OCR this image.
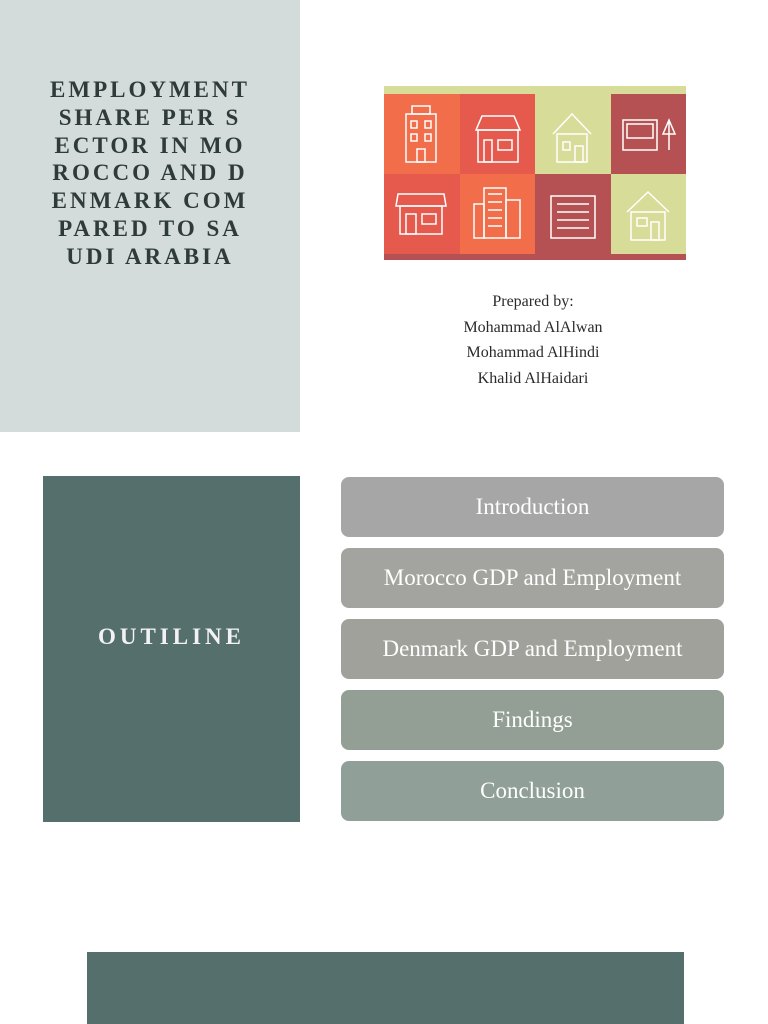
EMPLOYMENT SHARE PER SECTOR IN MOROCCO AND DENMARK COMPARED TO SAUDI ARABIA
Prepared by:
Mohammad AlAlwan
Mohammad AlHindi
Khalid AlHaidari
OUTILINE
Introduction
Morocco GDP and Employment
Denmark GDP and Employment
Findings
Conclusion
